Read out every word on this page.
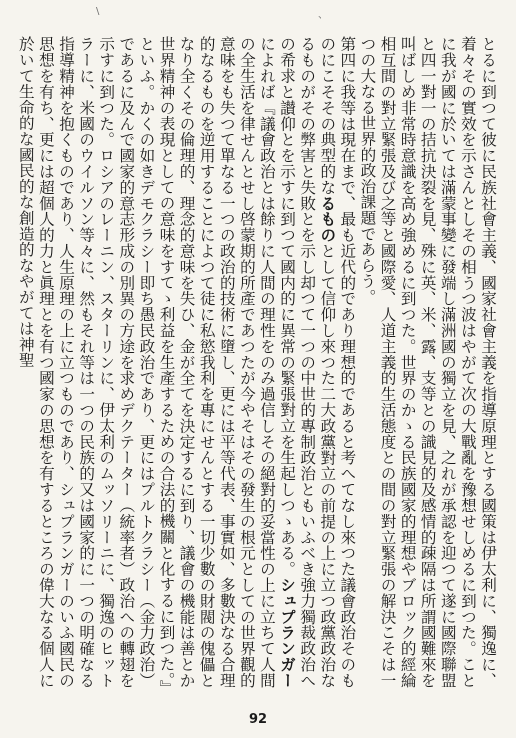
\	、

とるに到つて彼に民族社會主義、國家社會主義を指導原理とする國策は伊太利に、獨逸に、着々その實效を示さんとしその相うつ波はやがて次の大戰亂を豫想せしめるに到つた。ことに我が國に於いては滿蒙事變に發端し滿洲國の獨立を見、之れが承認を迎つて遂に國際聯盟と四一對一の拮抗決裂を見、殊に英、米、露、支等との識見的及感情的疎隔は所謂國難來を叫ばしめ非常時意識を高め強めるに到つた。世界のかゝる民族國家的理想やブロック的經綸相互間の對立緊張及び之等と國際愛、人道主義的生活態度との間の對立緊張の解決こそは一つの大なる世界的政治課題であらう。

第四に我等は現在まで、最も近代的であり理想的であると考へてなし來つた議會政治そのものにこそその典型的なるものとして信仰し來つた二大政黨對立の前提の上に立つ政黨政治なるものがその弊害と失敗とを示し却つて一つの中世的專制政治ともいふべき強力獨裁政治への希求と讃仰とを示すに到つて國内的に異常の緊張對立を生起しつゝある。シュプランガーによれば『議會政治とは餘りに人間の理性をのみ過信しその絕對的妥當性の上に立ちて人間の全生活を律せんとせし啓蒙期的所產であつたが今やそはその發生の根元としての世界觀的意味をも失つて單なる一つの政治的技術に墮し、更には平等代表、事實如、多數決なる合理的なるものを逆用することによつて徒に私慾我利を專にせんとする一切少數の財閥の傀儡となり全くその倫理的、理念的意味を失ひ、金が全てを決定するに到り、議會の機能は善とか世界精神の表現としての意味をすてゝ利益を生產するための合法的機關と化するに到つた。』といふ。かくの如きデモクラシー即ち愚民政治であり、更にはプルトクラシー（金力政治）であるに及んで國家的意志形成の別異の方途を求めデクテーター（統率者）政治への轉翅を示すに到つた。ロシアのレーニン、スターリンに、伊太利のムッソリーニに、獨逸のヒットラーに、米國のウイルソン等々に、然もそれ等は一つの民族的又は國家的に一つの明確なる指導精神を抱くものであり、人生原理の上に立つものであり、シュプランガーのいふ國民の思想を有ち、更には超個人的力と眞理とを有つ國家の思想を有するところの偉大なる個人に於いて生命的な國民的な創造的なやがては神聖

92
